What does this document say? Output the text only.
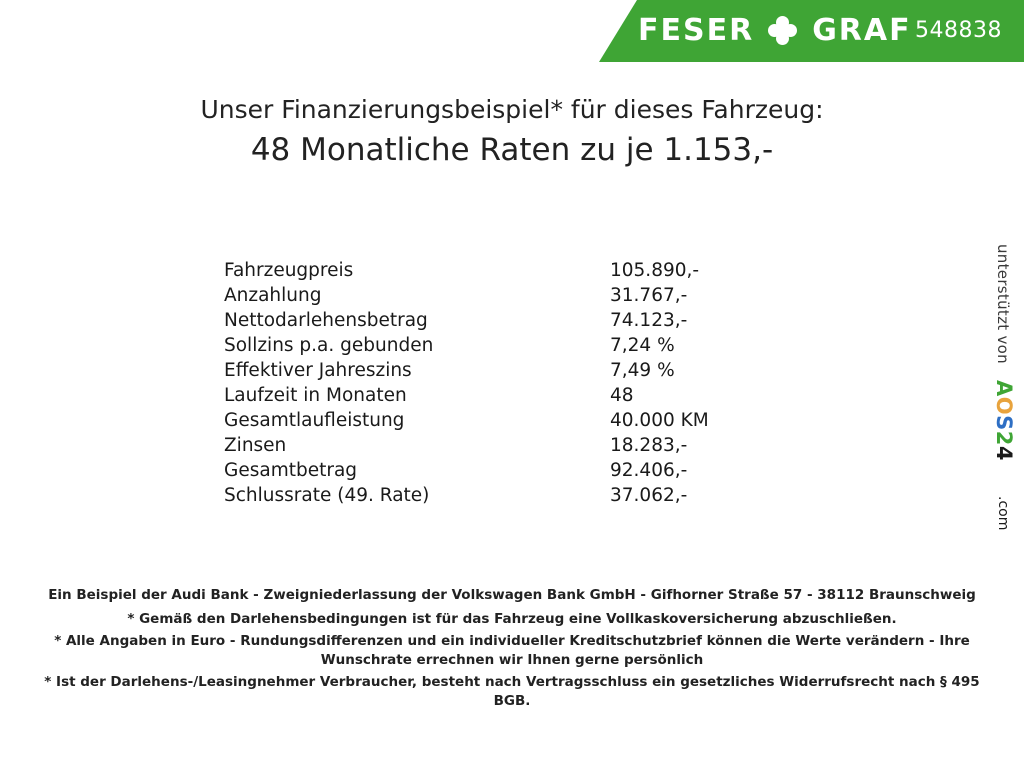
FESER GRAF 548838
Unser Finanzierungsbeispiel* für dieses Fahrzeug:
48 Monatliche Raten zu je 1.153,-
Fahrzeugpreis	105.890,-
Anzahlung	31.767,-
Nettodarlehensbetrag	74.123,-
Sollzins p.a. gebunden	7,24 %
Effektiver Jahreszins	7,49 %
Laufzeit in Monaten	48
Gesamtlaufleistung	40.000 KM
Zinsen	18.283,-
Gesamtbetrag	92.406,-
Schlussrate (49. Rate)	37.062,-
Ein Beispiel der Audi Bank - Zweigniederlassung der Volkswagen Bank GmbH - Gifhorner Straße 57 - 38112 Braunschweig
* Gemäß den Darlehensbedingungen ist für das Fahrzeug eine Vollkaskoversicherung abzuschließen.
* Alle Angaben in Euro - Rundungsdifferenzen und ein individueller Kreditschutzbrief können die Werte verändern - Ihre Wunschrate errechnen wir Ihnen gerne persönlich
* Ist der Darlehens-/Leasingnehmer Verbraucher, besteht nach Vertragsschluss ein gesetzliches Widerrufsrecht nach § 495 BGB.
unterstützt von
AOS24
.com
